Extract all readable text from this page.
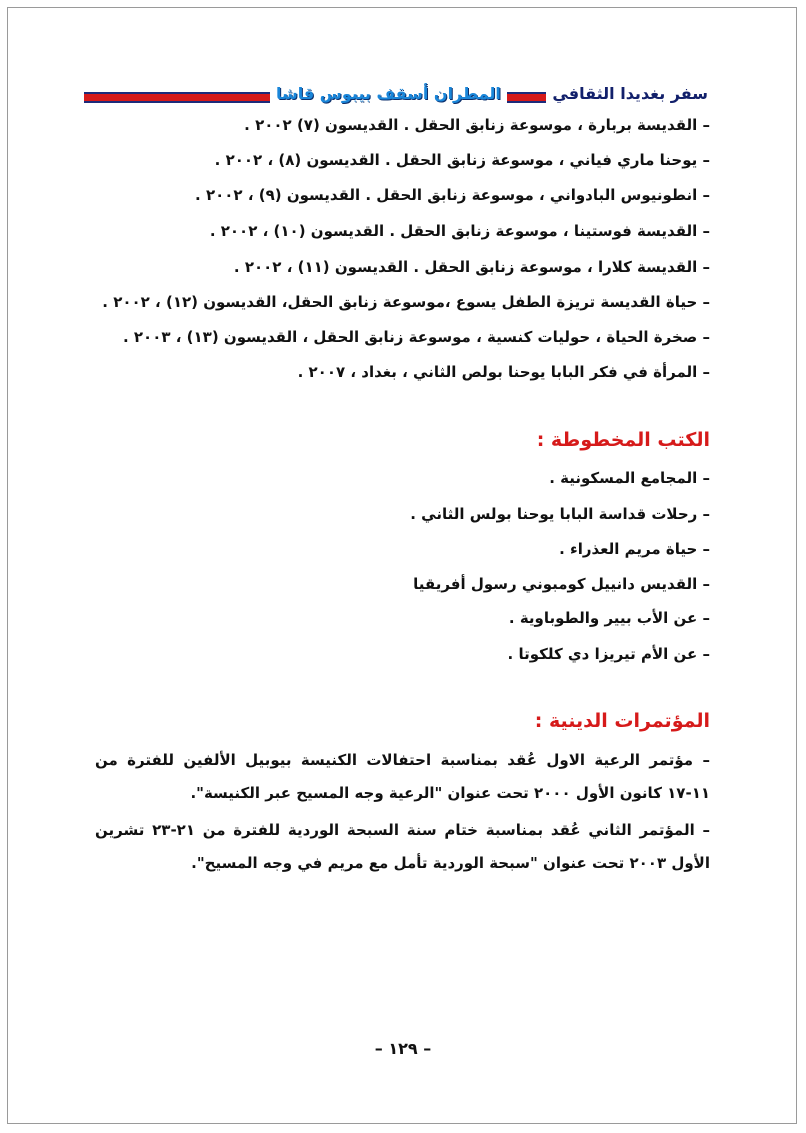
سفر بغديدا الثقافي
المطران أسقف بيبوس قاشا
– القديسة بربارة ، موسوعة زنابق الحقل . القديسون (٧) ٢٠٠٢ .
– يوحنا ماري فياني ، موسوعة زنابق الحقل . القديسون (٨) ، ٢٠٠٢ .
– انطونيوس البادواني ، موسوعة زنابق الحقل . القديسون (٩) ، ٢٠٠٢ .
– القديسة فوستينا ، موسوعة زنابق الحقل . القديسون (١٠) ، ٢٠٠٢ .
– القديسة كلارا ، موسوعة زنابق الحقل . القديسون (١١) ، ٢٠٠٢ .
– حياة القديسة تريزة الطفل يسوع ،موسوعة زنابق الحقل، القديسون (١٢) ، ٢٠٠٢ .
– صخرة الحياة ، حوليات كنسية ، موسوعة زنابق الحقل ، القديسون (١٣) ، ٢٠٠٣ .
– المرأة في فكر البابا يوحنا بولص الثاني ، بغداد ، ٢٠٠٧ .
الكتب المخطوطة :
– المجامع المسكونية .
– رحلات قداسة البابا يوحنا بولس الثاني .
– حياة مريم العذراء .
– القديس دانييل كومبوني رسول أفريقيا
– عن الأب بيير والطوباوية .
– عن الأم تيريزا دي كلكوتا .
المؤتمرات الدينية :
– مؤتمر الرعية الاول عُقد بمناسبة احتفالات الكنيسة بيوبيل الألفين للفترة من ١١-١٧ كانون الأول ٢٠٠٠ تحت عنوان "الرعية وجه المسيح عبر الكنيسة".
– المؤتمر الثاني عُقد بمناسبة ختام سنة السبحة الوردية للفترة من ٢١-٢٣ تشرين الأول ٢٠٠٣ تحت عنوان "سبحة الوردية تأمل مع مريم في وجه المسيح".
– ١٢٩ –
